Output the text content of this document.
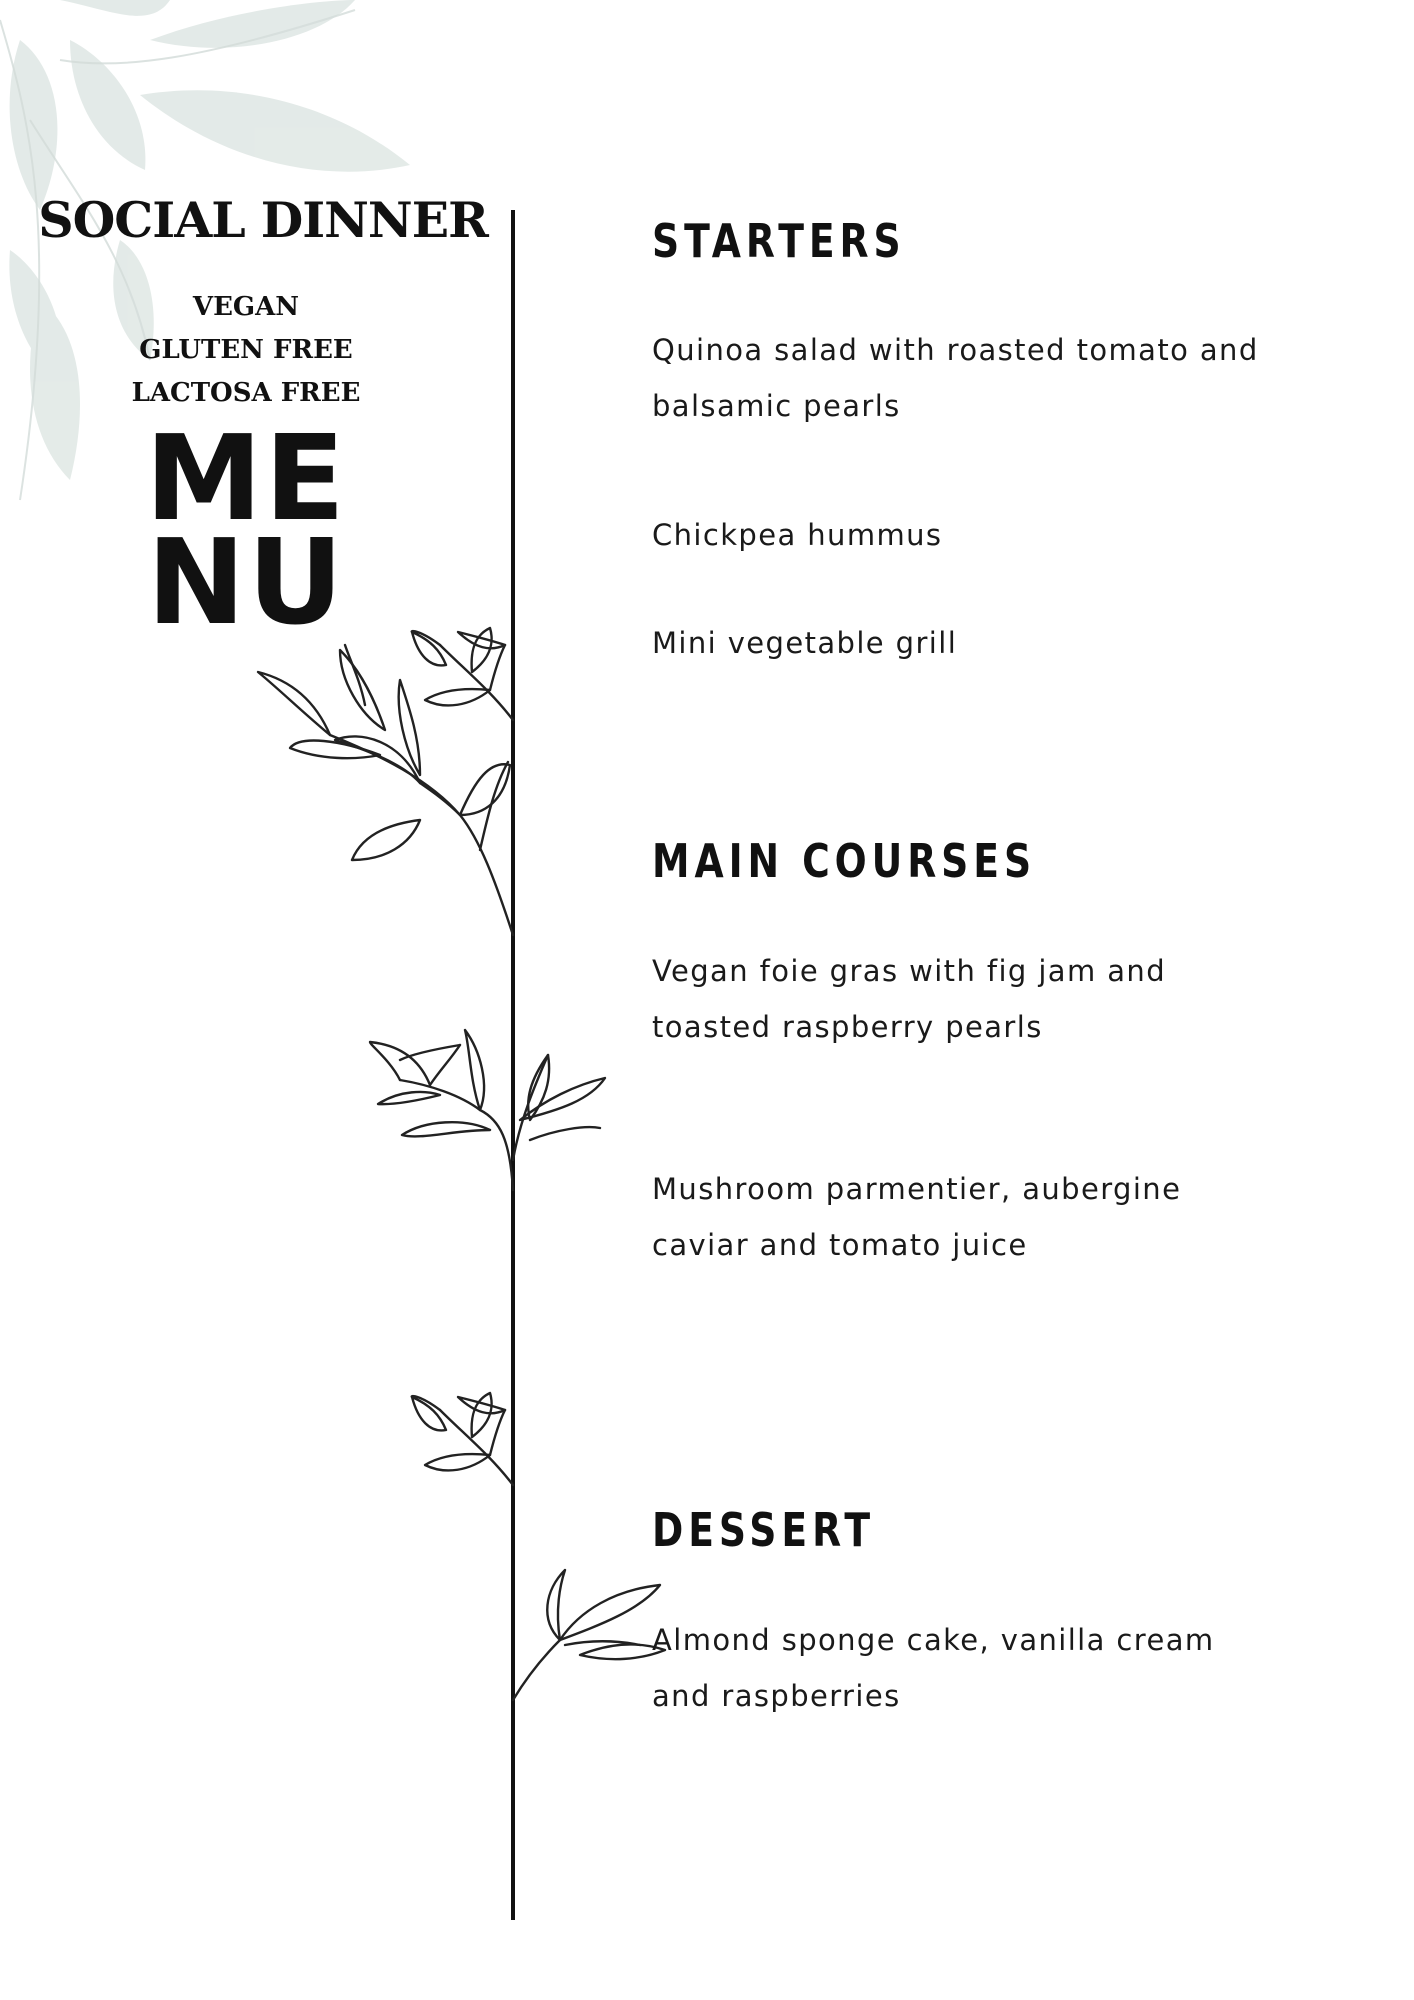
SOCIAL DINNER
VEGAN
GLUTEN FREE
LACTOSA FREE
ME
NU
STARTERS
Quinoa salad with roasted tomato and
balsamic pearls
Chickpea hummus
Mini vegetable grill
MAIN COURSES
Vegan foie gras with fig jam and
toasted raspberry pearls
Mushroom parmentier, aubergine
caviar and tomato juice
DESSERT
Almond sponge cake, vanilla cream
and raspberries
